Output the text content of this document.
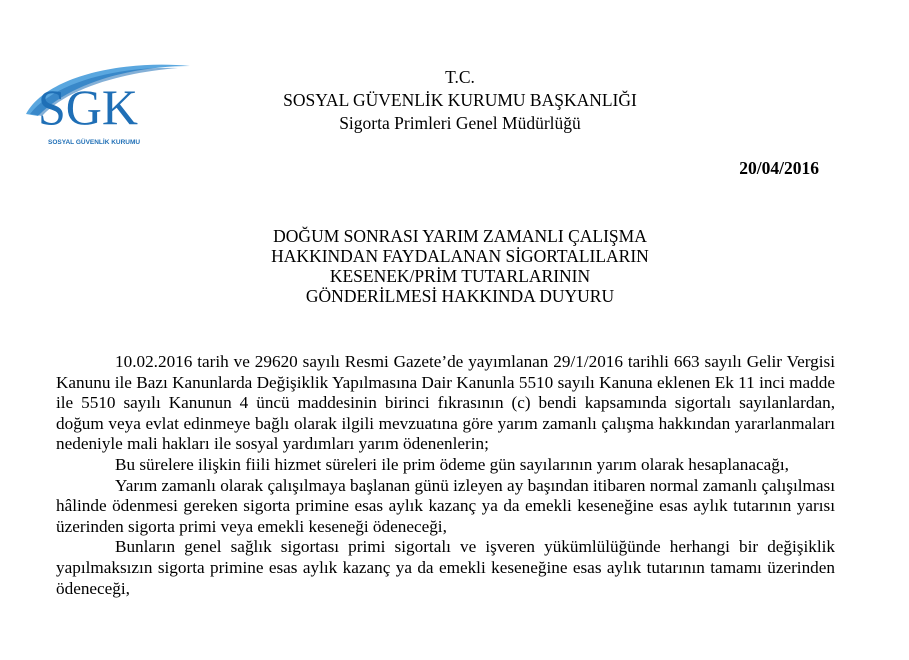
SGK
SOSYAL GÜVENLİK KURUMU
T.C.
SOSYAL GÜVENLİK KURUMU BAŞKANLIĞI
Sigorta Primleri Genel Müdürlüğü
20/04/2016
DOĞUM SONRASI YARIM ZAMANLI ÇALIŞMA
HAKKINDAN FAYDALANAN SİGORTALILARIN
KESENEK/PRİM TUTARLARININ
GÖNDERİLMESİ HAKKINDA DUYURU

10.02.2016 tarih ve 29620 sayılı Resmi Gazete’de yayımlanan 29/1/2016 tarihli 663 sayılı Gelir Vergisi Kanunu ile Bazı Kanunlarda Değişiklik Yapılmasına Dair Kanunla 5510 sayılı Kanuna eklenen Ek 11 inci madde ile 5510 sayılı Kanunun 4 üncü maddesinin birinci fıkrasının (c) bendi kapsamında sigortalı sayılanlardan, doğum veya evlat edinmeye bağlı olarak ilgili mevzuatına göre yarım zamanlı çalışma hakkından yararlanmaları nedeniyle mali hakları ile sosyal yardımları yarım ödenenlerin;

Bu sürelere ilişkin fiili hizmet süreleri ile prim ödeme gün sayılarının yarım olarak hesaplanacağı,

Yarım zamanlı olarak çalışılmaya başlanan günü izleyen ay başından itibaren normal zamanlı çalışılması hâlinde ödenmesi gereken sigorta primine esas aylık kazanç ya da emekli keseneğine esas aylık tutarının yarısı üzerinden sigorta primi veya emekli keseneği ödeneceği,

Bunların genel sağlık sigortası primi sigortalı ve işveren yükümlülüğünde herhangi bir değişiklik yapılmaksızın sigorta primine esas aylık kazanç ya da emekli keseneğine esas aylık tutarının tamamı üzerinden ödeneceği,
